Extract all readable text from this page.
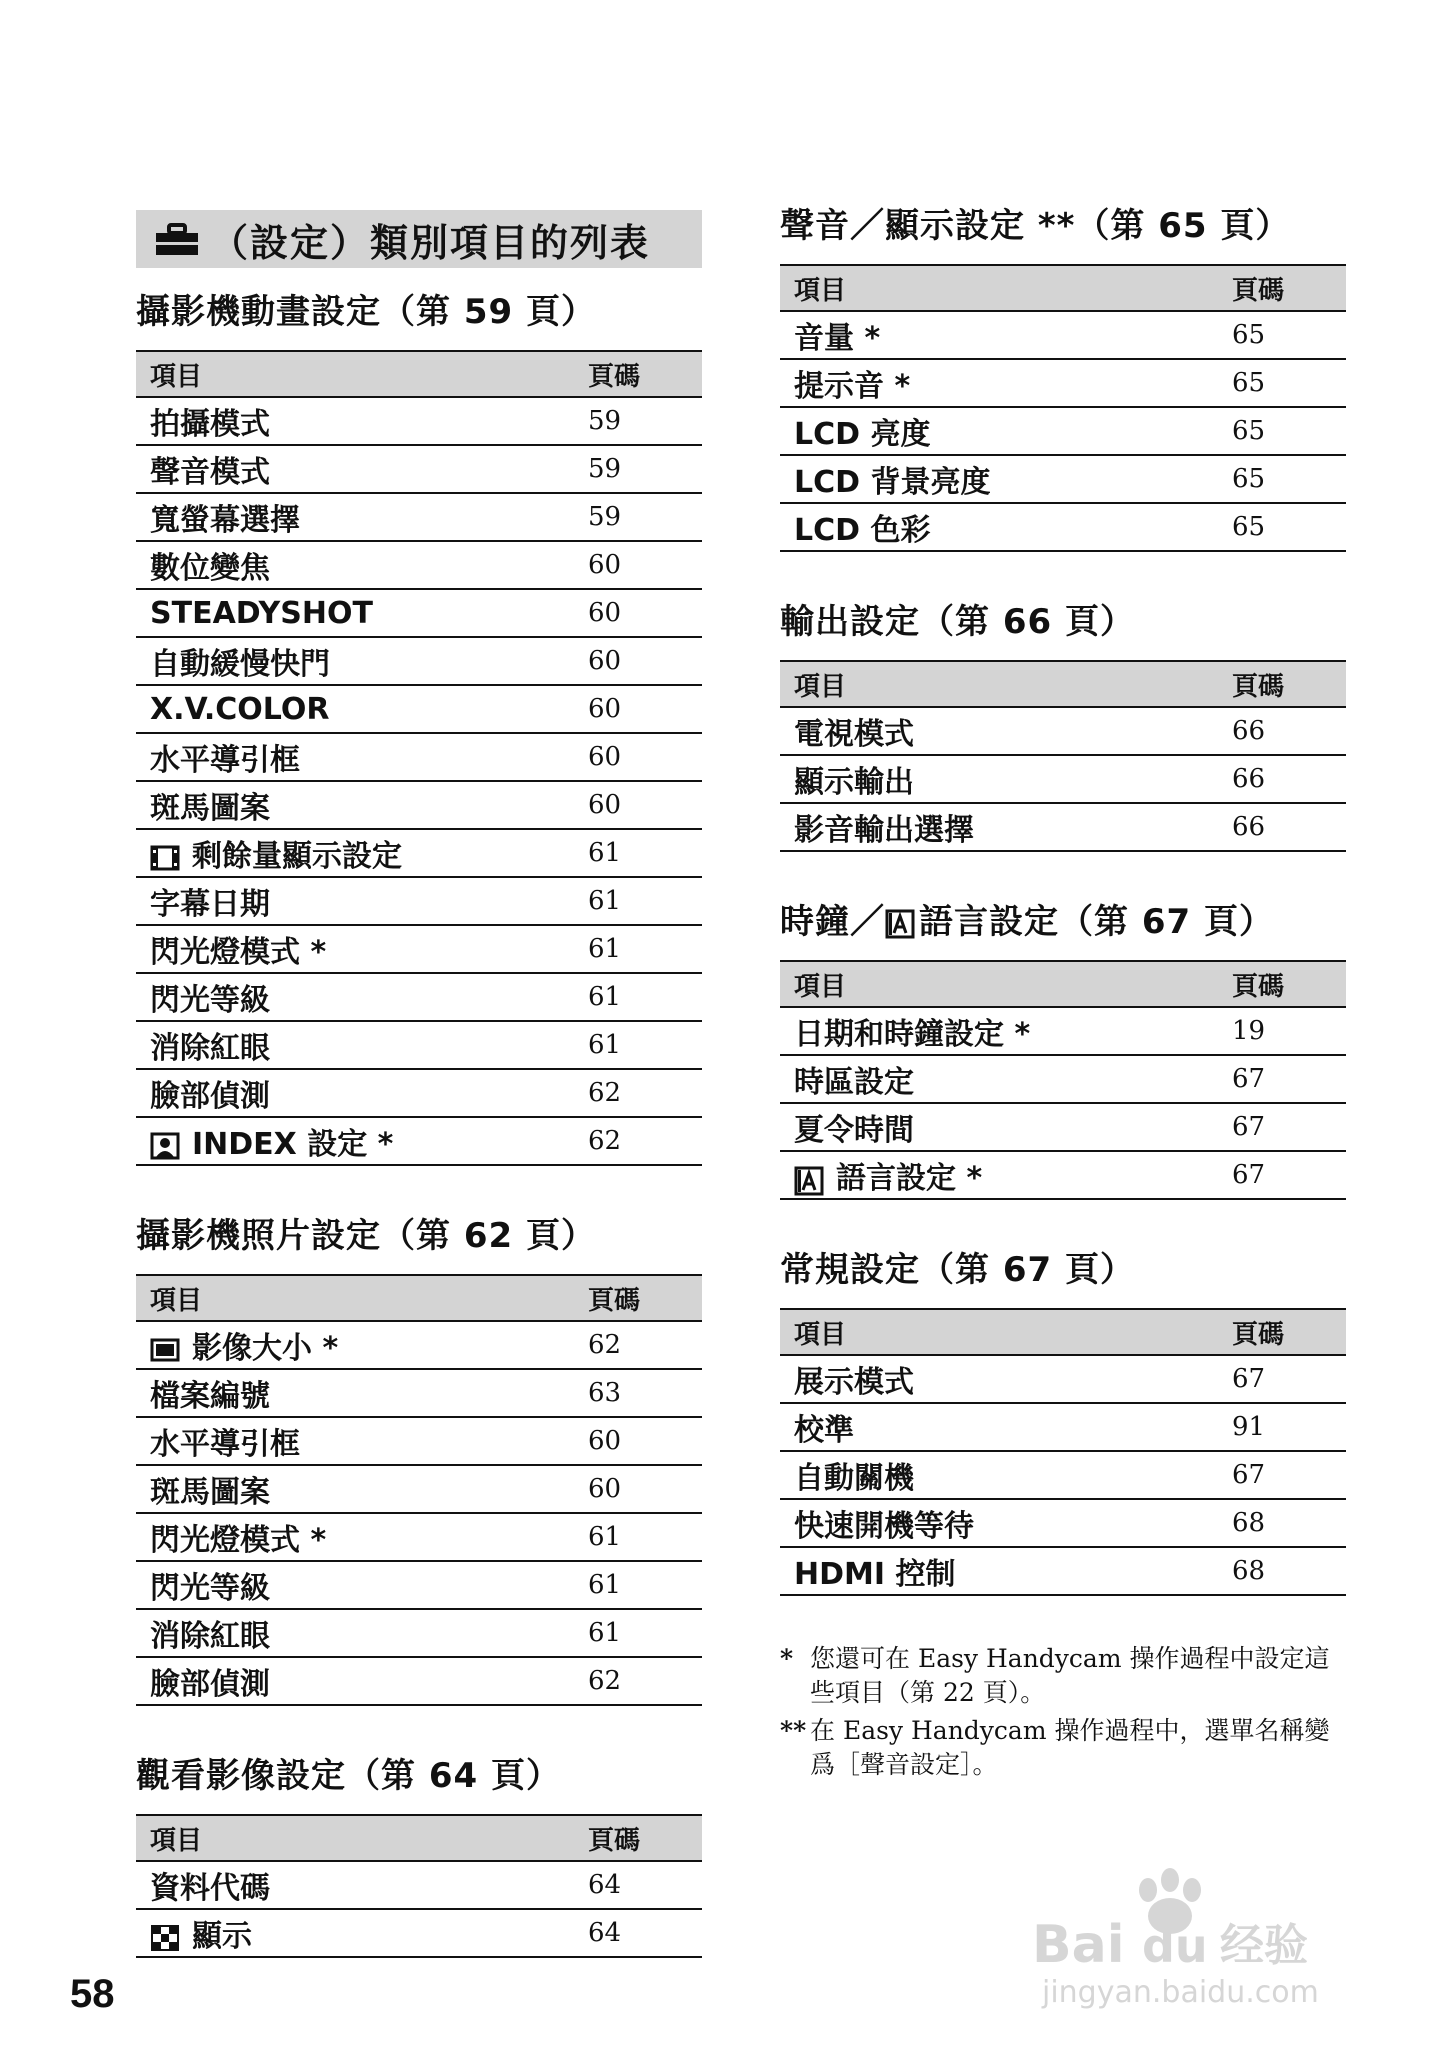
（設定）類別項目的列表
攝影機動畫設定（第 59 頁）
項目	頁碼
拍攝模式	59
聲音模式	59
寬螢幕選擇	59
數位變焦	60
STEADYSHOT	60
自動緩慢快門	60
X.V.COLOR	60
水平導引框	60
斑馬圖案	60

剩餘量顯示設定	61
字幕日期	61
閃光燈模式 *	61
閃光等級	61
消除紅眼	61
臉部偵測	62

INDEX 設定 *	62
攝影機照片設定（第 62 頁）
項目	頁碼

影像大小 *	62
檔案編號	63
水平導引框	60
斑馬圖案	60
閃光燈模式 *	61
閃光等級	61
消除紅眼	61
臉部偵測	62
觀看影像設定（第 64 頁）
項目	頁碼
資料代碼	64

顯示	64
聲音／顯示設定 **（第 65 頁）
項目	頁碼
音量 *	65
提示音 *	65
LCD 亮度	65
LCD 背景亮度	65
LCD 色彩	65
輸出設定（第 66 頁）
項目	頁碼
電視模式	66
顯示輸出	66
影音輸出選擇	66
時鐘／ 語言設定（第 67 頁）
項目	頁碼
日期和時鐘設定 *	19
時區設定	67
夏令時間	67

語言設定 *	67
常規設定（第 67 頁）
項目	頁碼
展示模式	67
校準	91
自動關機	67
快速開機等待	68
HDMI 控制	68
* 您還可在 Easy Handycam 操作過程中設定這些項目（第 22 頁）。
** 在 Easy Handycam 操作過程中，選單名稱變爲［聲音設定］。
58
Bai du 经验
jingyan.baidu.com
